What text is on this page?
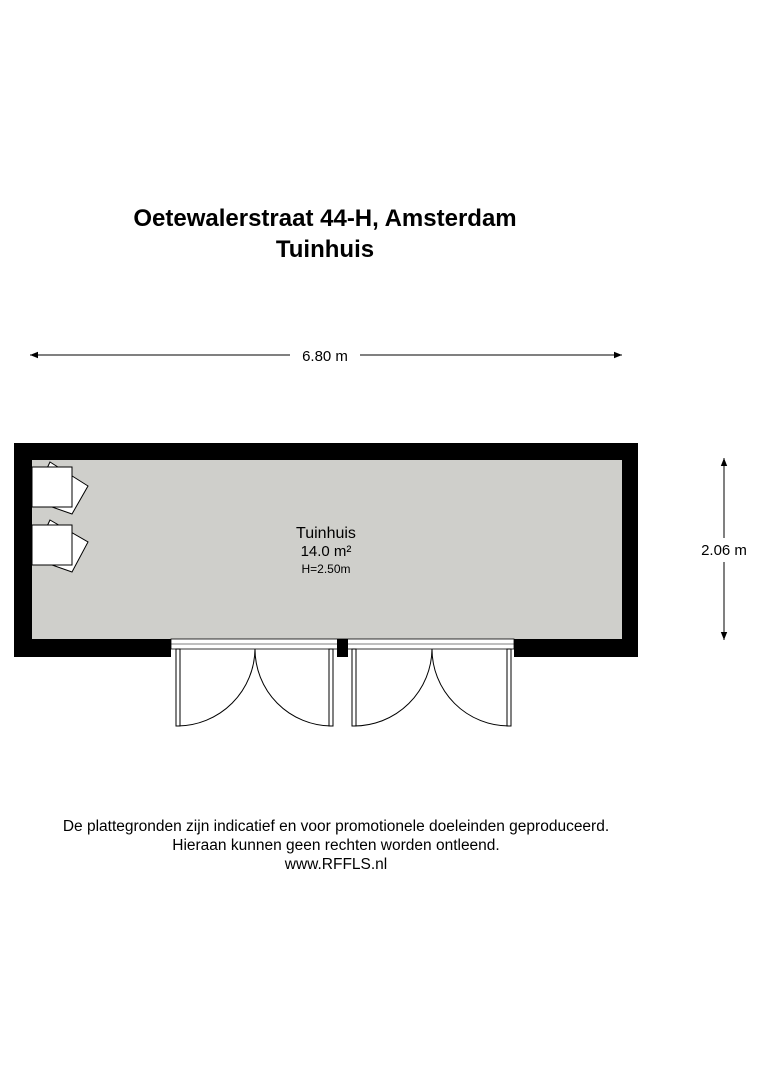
Oetewalerstraat 44-H, Amsterdam
Tuinhuis
6.80 m
2.06 m
Tuinhuis
14.0 m²
H=2.50m
De plattegronden zijn indicatief en voor promotionele doeleinden geproduceerd.
Hieraan kunnen geen rechten worden ontleend.
www.RFFLS.nl
